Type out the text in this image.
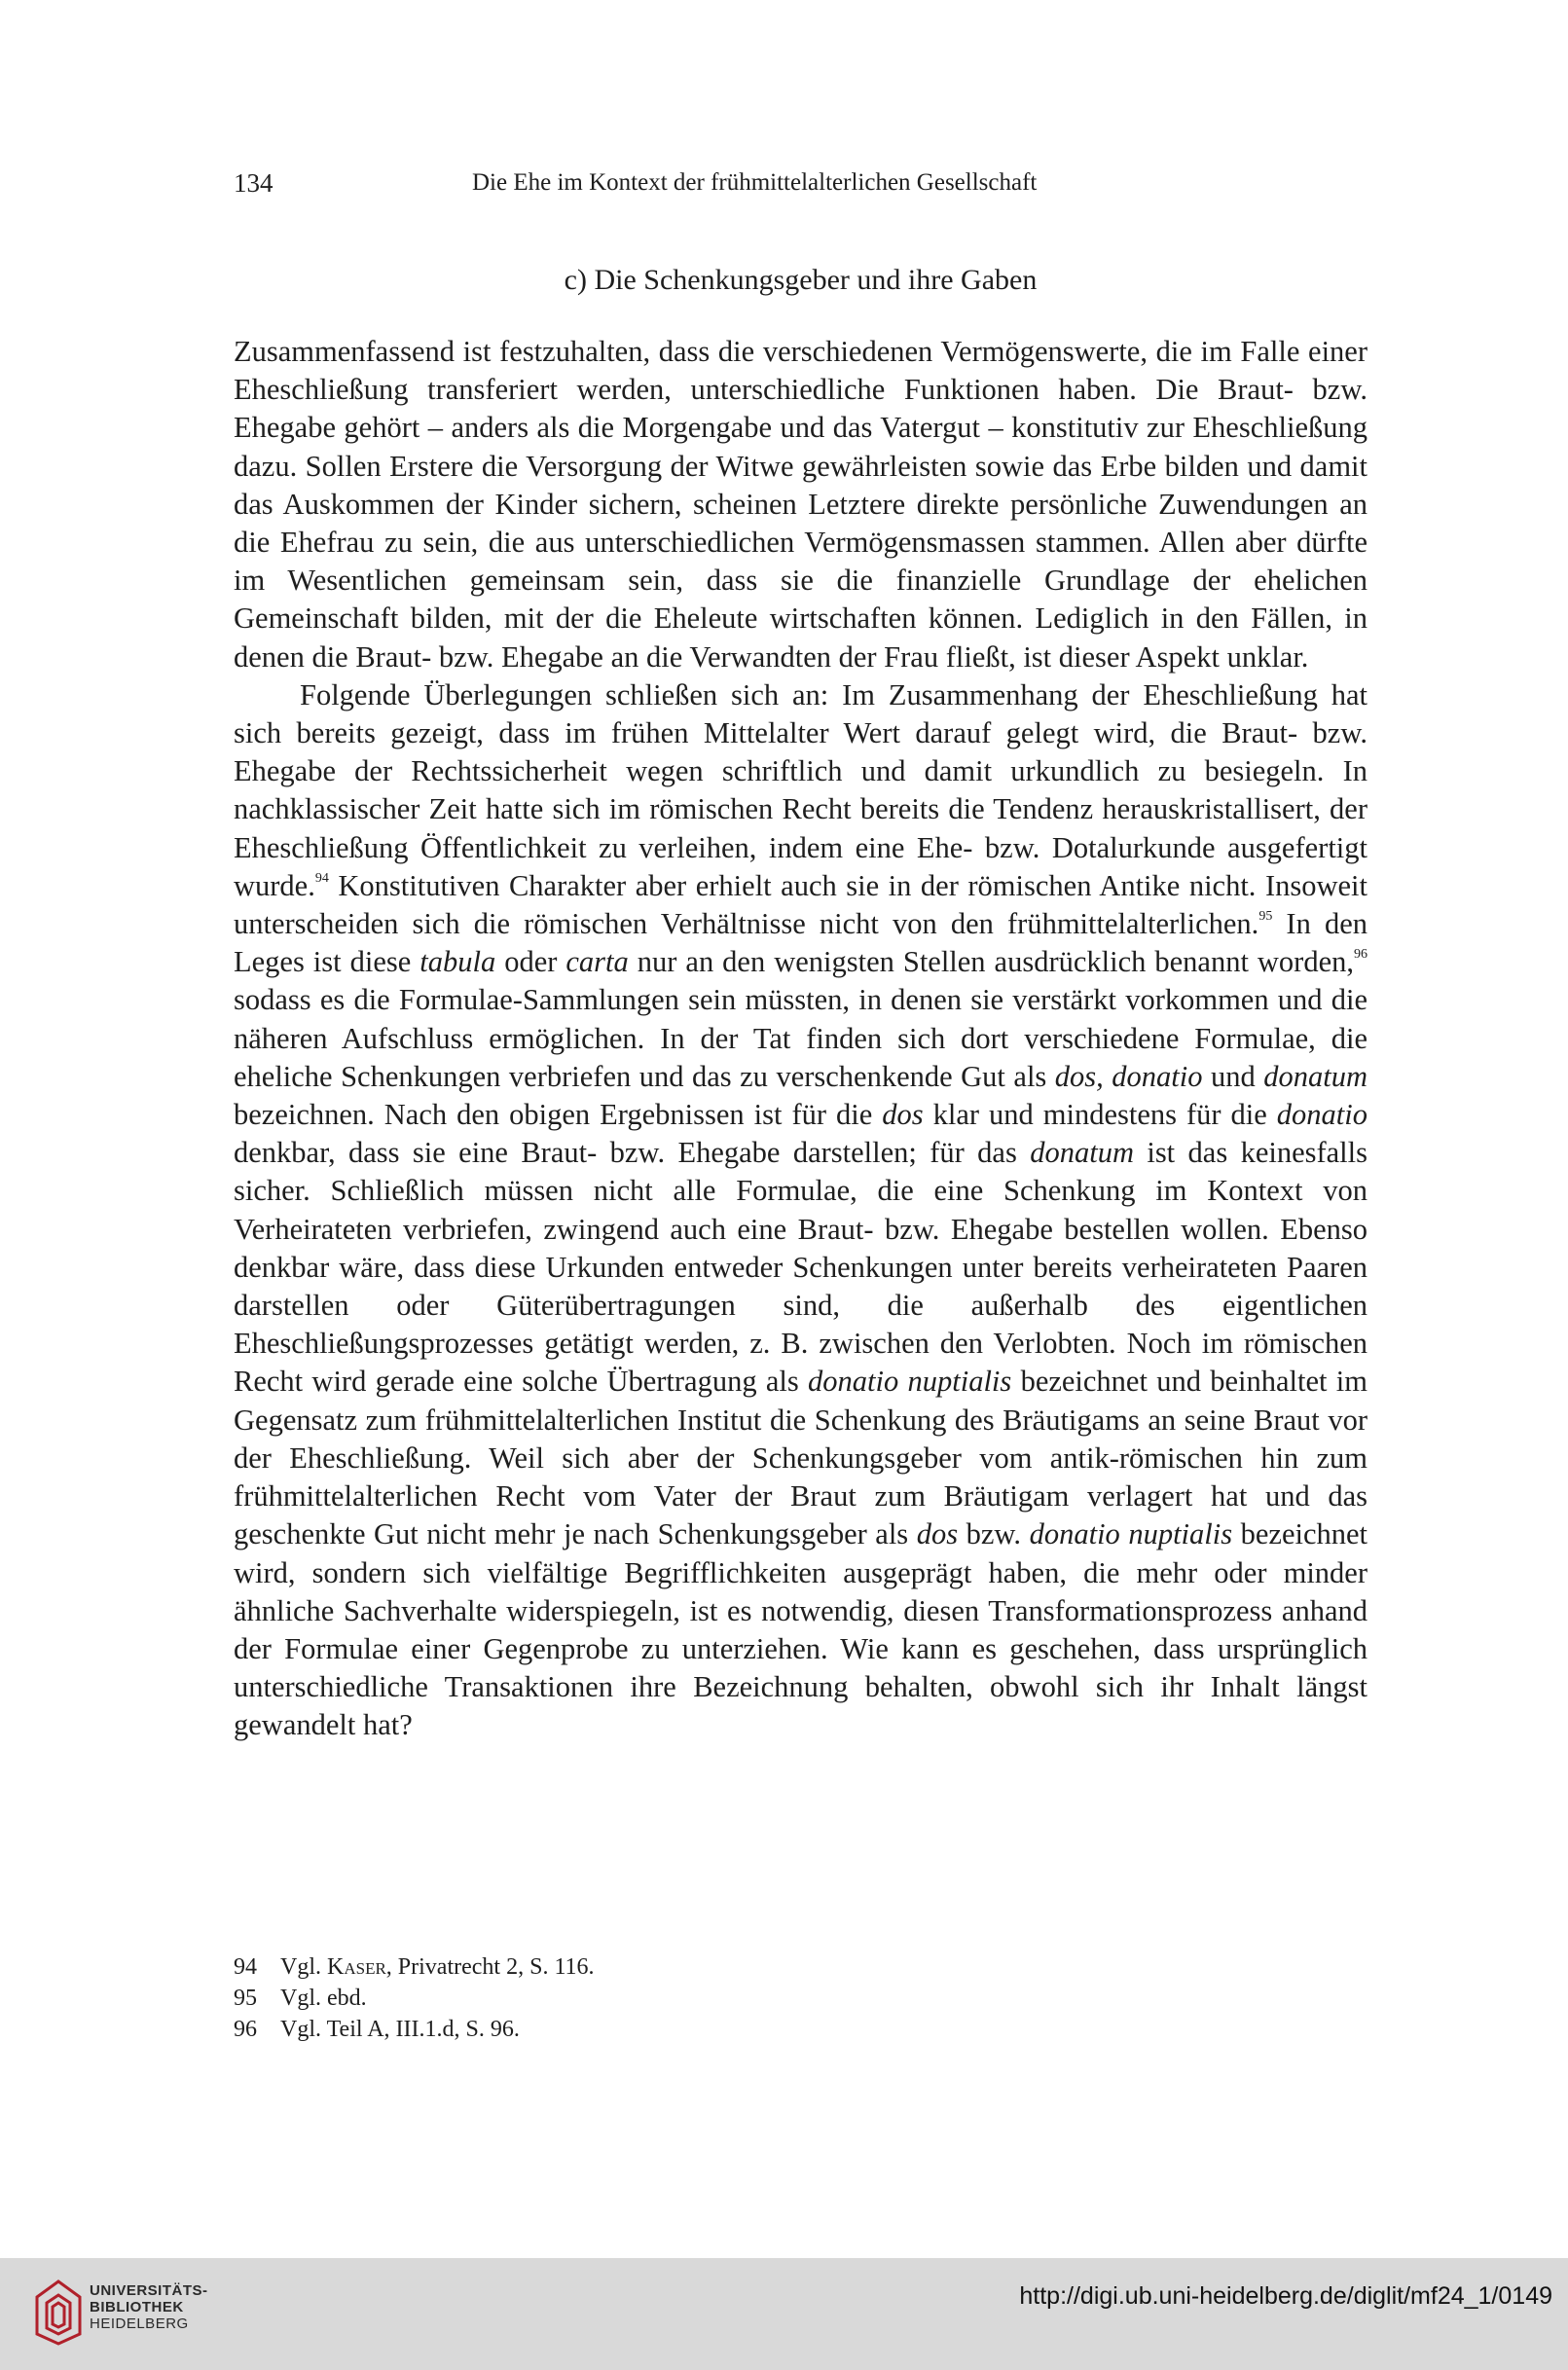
134	Die Ehe im Kontext der frühmittelalterlichen Gesellschaft
c) Die Schenkungsgeber und ihre Gaben

Zusammenfassend ist festzuhalten, dass die verschiedenen Vermögenswerte, die im Falle einer Eheschließung transferiert werden, unterschiedliche Funktionen haben. Die Braut- bzw. Ehegabe gehört – anders als die Morgengabe und das Vatergut – konstitutiv zur Eheschließung dazu. Sollen Erstere die Versorgung der Witwe gewährleisten sowie das Erbe bilden und damit das Auskommen der Kinder sichern, scheinen Letztere direkte persönliche Zuwendungen an die Ehefrau zu sein, die aus unterschiedlichen Vermögensmassen stammen. Allen aber dürfte im Wesentlichen gemeinsam sein, dass sie die finanzielle Grundlage der ehelichen Gemeinschaft bilden, mit der die Eheleute wirtschaften können. Lediglich in den Fällen, in denen die Braut- bzw. Ehegabe an die Verwandten der Frau fließt, ist dieser Aspekt unklar.

Folgende Überlegungen schließen sich an: Im Zusammenhang der Eheschließung hat sich bereits gezeigt, dass im frühen Mittelalter Wert darauf gelegt wird, die Braut- bzw. Ehegabe der Rechtssicherheit wegen schriftlich und damit urkundlich zu besiegeln. In nachklassischer Zeit hatte sich im römischen Recht bereits die Tendenz herauskristallisert, der Eheschließung Öffentlichkeit zu verleihen, indem eine Ehe- bzw. Dotalurkunde ausgefertigt wurde.$^{94}$ Konstitutiven Charakter aber erhielt auch sie in der römischen Antike nicht. Insoweit unterscheiden sich die römischen Verhältnisse nicht von den frühmittelalterlichen.$^{95}$ In den Leges ist diese tabula oder carta nur an den wenigsten Stellen ausdrücklich benannt worden,$^{96}$ sodass es die Formulae-Sammlungen sein müssten, in denen sie verstärkt vorkommen und die näheren Aufschluss ermöglichen. In der Tat finden sich dort verschiedene Formulae, die eheliche Schenkungen verbriefen und das zu verschenkende Gut als dos, donatio und donatum bezeichnen. Nach den obigen Ergebnissen ist für die dos klar und mindestens für die donatio denkbar, dass sie eine Braut- bzw. Ehegabe darstellen; für das donatum ist das keinesfalls sicher. Schließlich müssen nicht alle Formulae, die eine Schenkung im Kontext von Verheirateten verbriefen, zwingend auch eine Braut- bzw. Ehegabe bestellen wollen. Ebenso denkbar wäre, dass diese Urkunden entweder Schenkungen unter bereits verheirateten Paaren darstellen oder Güterübertragungen sind, die außerhalb des eigentlichen Eheschließungsprozesses getätigt werden, z. B. zwischen den Verlobten. Noch im römischen Recht wird gerade eine solche Übertragung als donatio nuptialis bezeichnet und beinhaltet im Gegensatz zum frühmittelalterlichen Institut die Schenkung des Bräutigams an seine Braut vor der Eheschließung. Weil sich aber der Schenkungsgeber vom antik-römischen hin zum frühmittelalterlichen Recht vom Vater der Braut zum Bräutigam verlagert hat und das geschenkte Gut nicht mehr je nach Schenkungsgeber als dos bzw. donatio nuptialis bezeichnet wird, sondern sich vielfältige Begrifflichkeiten ausgeprägt haben, die mehr oder minder ähnliche Sachverhalte widerspiegeln, ist es notwendig, diesen Transformationsprozess anhand der Formulae einer Gegenprobe zu unterziehen. Wie kann es geschehen, dass ursprünglich unterschiedliche Transaktionen ihre Bezeichnung behalten, obwohl sich ihr Inhalt längst gewandelt hat?

94	Vgl. Kaser, Privatrecht 2, S. 116.
95	Vgl. ebd.
96	Vgl. Teil A, III.1.d, S. 96.
UNIVERSITÄTS-
BIBLIOTHEK
HEIDELBERG
http://digi.ub.uni-heidelberg.de/diglit/mf24_1/0149
